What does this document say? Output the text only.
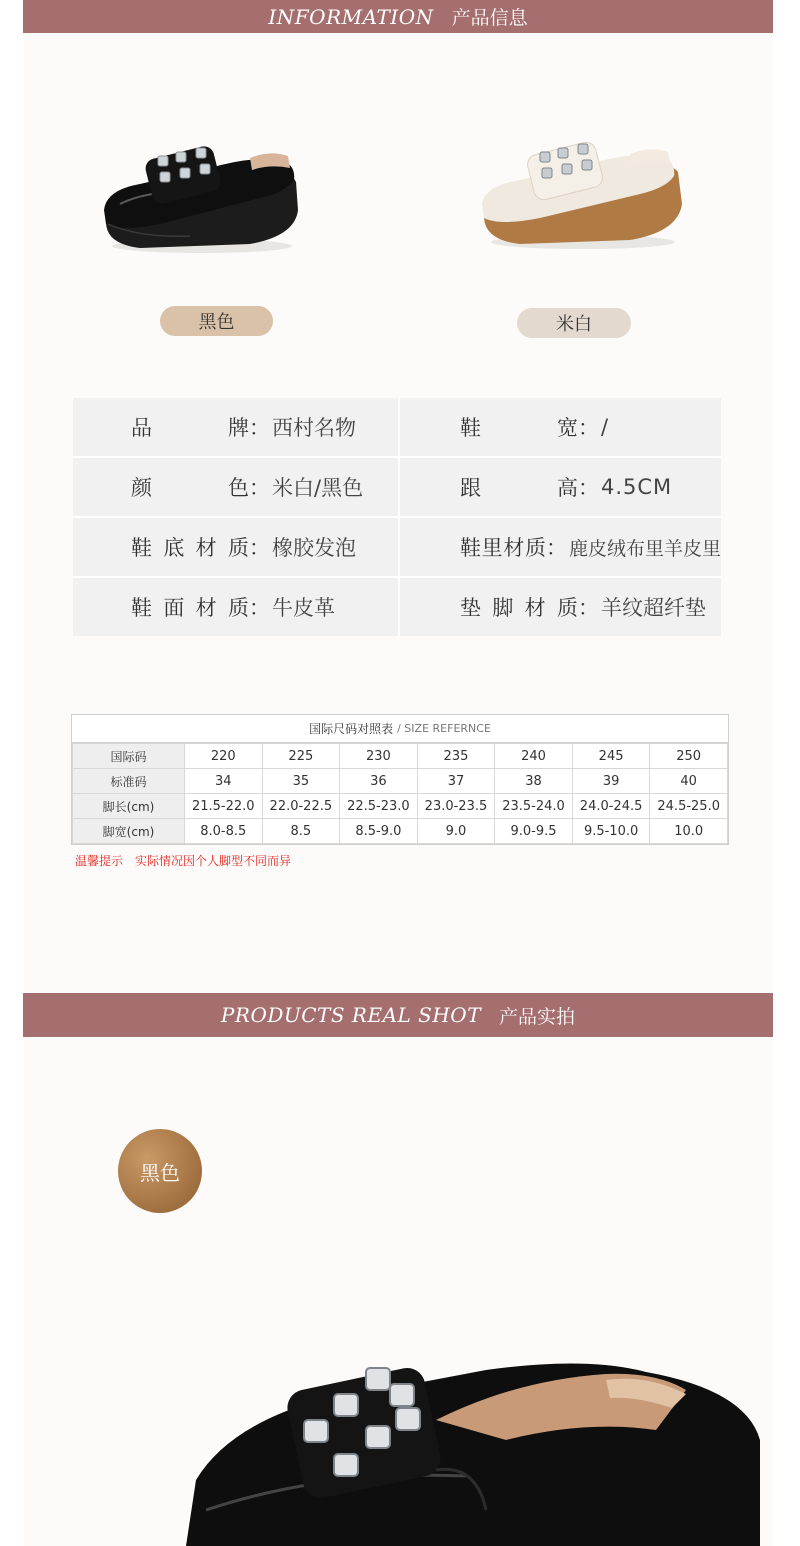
INFORMATION 产品信息
黑色	米白
品牌 ： 西村名物	鞋宽 ： /
颜色 ： 米白/黑色	跟高 ： 4.5CM
鞋底材质 ： 橡胶发泡	鞋里材质 ： 鹿皮绒布里羊皮里
鞋面材质 ： 牛皮革	垫脚材质 ： 羊纹超纤垫
国际尺码对照表 / SIZE REFERNCE
国际码	220	225	230	235	240	245	250
标准码	34	35	36	37	38	39	40
脚长(cm)	21.5-22.0	22.0-22.5	22.5-23.0	23.0-23.5	23.5-24.0	24.0-24.5	24.5-25.0
脚宽(cm)	8.0-8.5	8.5	8.5-9.0	9.0	9.0-9.5	9.5-10.0	10.0
温馨提示 实际情况因个人脚型不同而异
PRODUCTS REAL SHOT 产品实拍
黑色
